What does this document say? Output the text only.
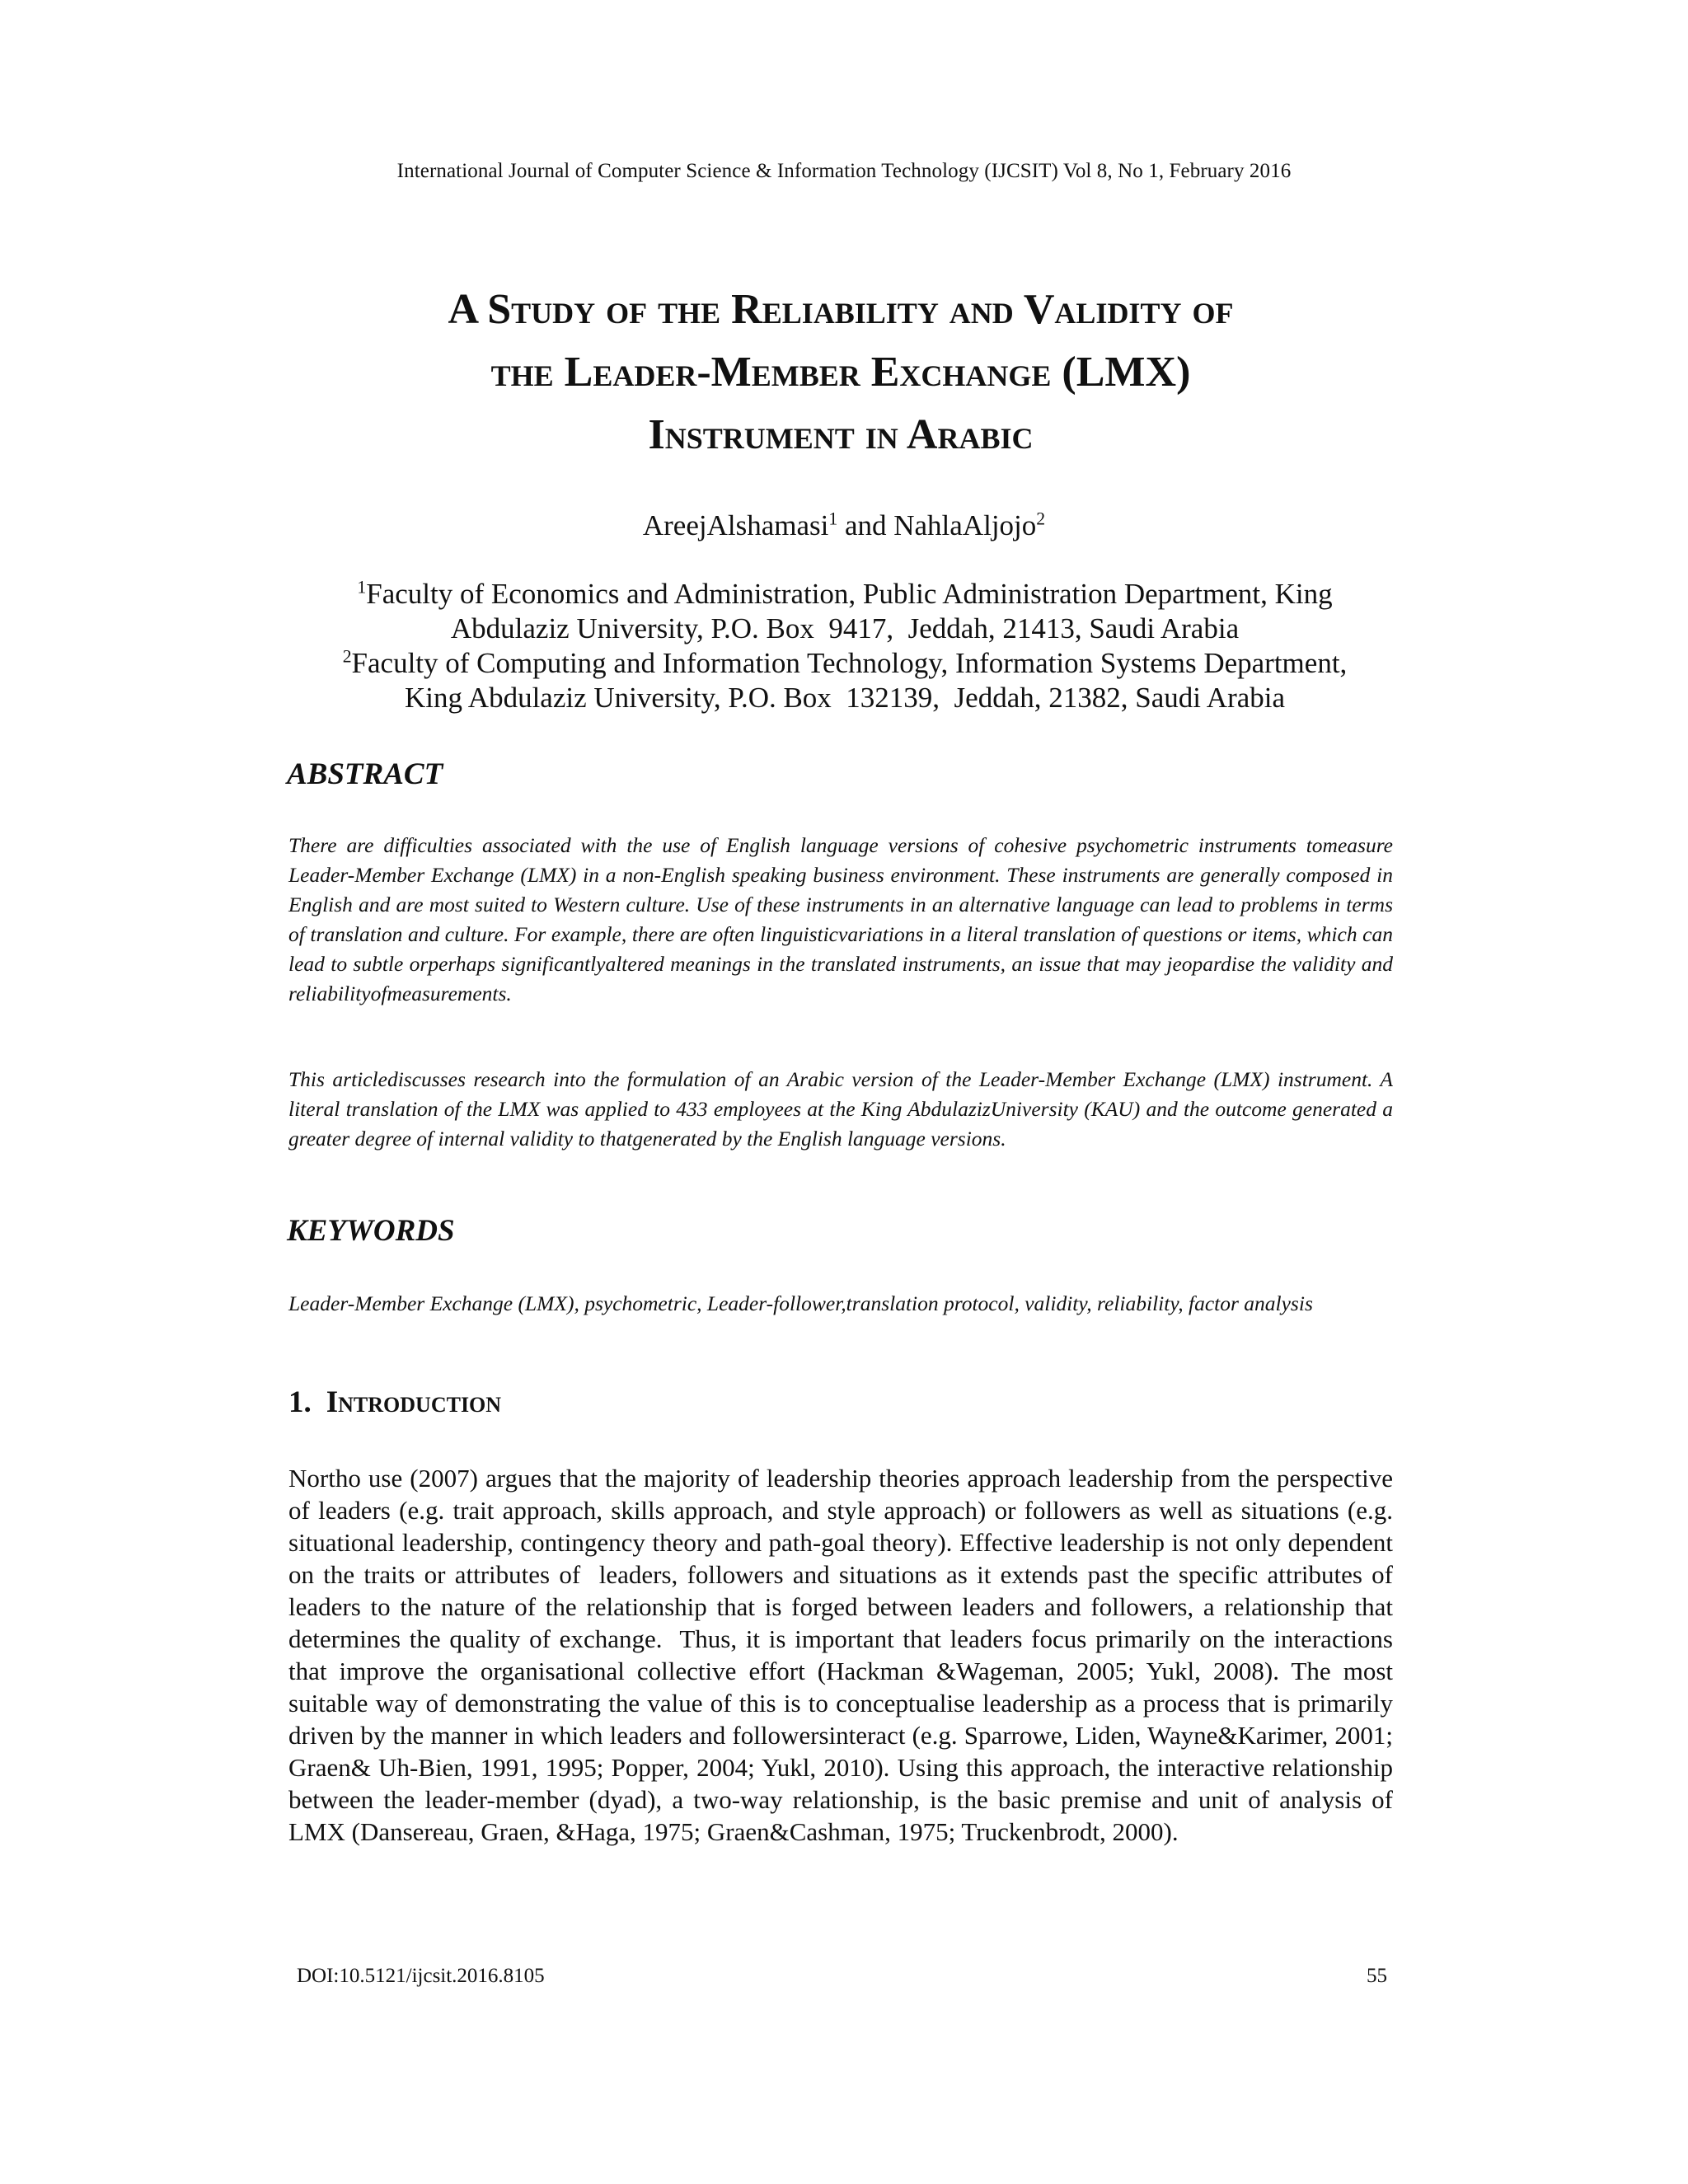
International Journal of Computer Science & Information Technology (IJCSIT) Vol 8, No 1, February 2016
A Study of the Reliability and Validity of
the Leader-Member Exchange (LMX)
Instrument in Arabic

AreejAlshamasi$^1$ and NahlaAljojo$^2$

$^1$Faculty of Economics and Administration, Public Administration Department, King
Abdulaziz University, P.O. Box  9417,  Jeddah, 21413, Saudi Arabia
$^2$Faculty of Computing and Information Technology, Information Systems Department,
King Abdulaziz University, P.O. Box  132139,  Jeddah, 21382, Saudi Arabia
ABSTRACT

There are difficulties associated with the use of English language versions of cohesive psychometric instruments tomeasure Leader-Member Exchange (LMX) in a non-English speaking business environment. These instruments are generally composed in English and are most suited to Western culture. Use of these instruments in an alternative language can lead to problems in terms of translation and culture. For example, there are often linguisticvariations in a literal translation of questions or items, which can lead to subtle orperhaps significantlyaltered meanings in the translated instruments, an issue that may jeopardise the validity and reliabilityofmeasurements.

This articlediscusses research into the formulation of an Arabic version of the Leader-Member Exchange (LMX) instrument. A literal translation of the LMX was applied to 433 employees at the King AbdulazizUniversity (KAU) and the outcome generated a greater degree of internal validity to thatgenerated by the English language versions.

KEYWORDS

Leader-Member Exchange (LMX), psychometric, Leader-follower,translation protocol, validity, reliability, factor analysis

1. Introduction

Northo use (2007) argues that the majority of leadership theories approach leadership from the perspective of leaders (e.g. trait approach, skills approach, and style approach) or followers as well as situations (e.g. situational leadership, contingency theory and path-goal theory). Effective leadership is not only dependent on the traits or attributes of  leaders, followers and situations as it extends past the specific attributes of leaders to the nature of the relationship that is forged between leaders and followers, a relationship that determines the quality of exchange.  Thus, it is important that leaders focus primarily on the interactions that improve the organisational collective effort (Hackman &Wageman, 2005; Yukl, 2008). The most suitable way of demonstrating the value of this is to conceptualise leadership as a process that is primarily driven by the manner in which leaders and followersinteract (e.g. Sparrowe, Liden, Wayne&Karimer, 2001; Graen& Uh-Bien, 1991, 1995; Popper, 2004; Yukl, 2010). Using this approach, the interactive relationship between the leader-member (dyad), a two-way relationship, is the basic premise and unit of analysis of LMX (Dansereau, Graen, &Haga, 1975; Graen&Cashman, 1975; Truckenbrodt, 2000).

DOI:10.5121/ijcsit.2016.8105	55
